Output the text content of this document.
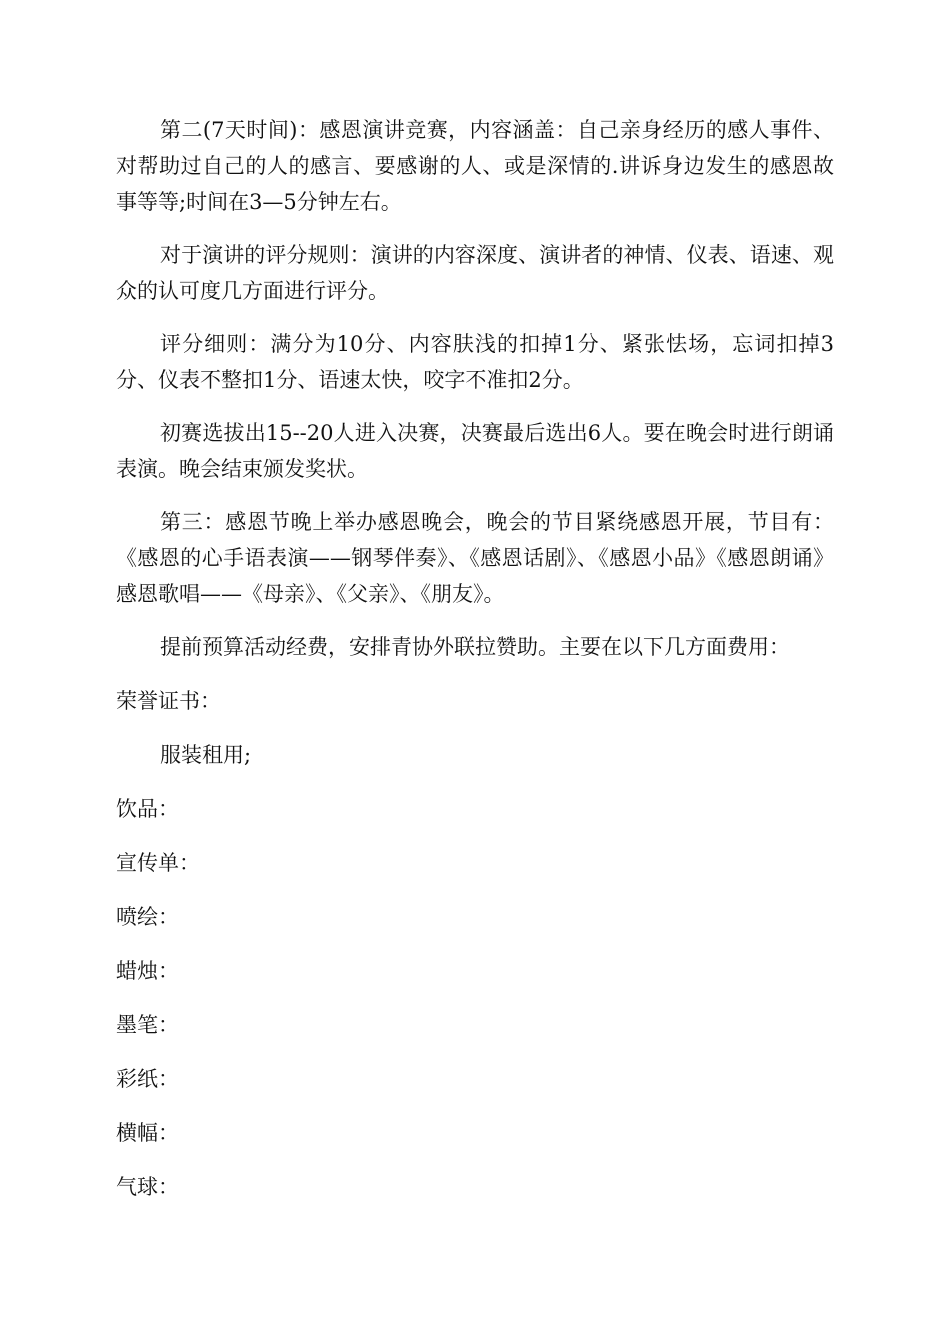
第二(7天时间)：感恩演讲竞赛，内容涵盖：自己亲身经历的感人事件、对帮助过自己的人的感言、要感谢的人、或是深情的.讲诉身边发生的感恩故事等等;时间在3—5分钟左右。

对于演讲的评分规则：演讲的内容深度、演讲者的神情、仪表、语速、观众的认可度几方面进行评分。

评分细则：满分为10分、内容肤浅的扣掉1分、紧张怯场，忘词扣掉3分、仪表不整扣1分、语速太快，咬字不准扣2分。

初赛选拔出15--20人进入决赛，决赛最后选出6人。要在晚会时进行朗诵表演。晚会结束颁发奖状。

第三：感恩节晚上举办感恩晚会，晚会的节目紧绕感恩开展，节目有：《感恩的心手语表演——钢琴伴奏》、《感恩话剧》、《感恩小品》《感恩朗诵》感恩歌唱——《母亲》、《父亲》、《朋友》。

提前预算活动经费，安排青协外联拉赞助。主要在以下几方面费用：

荣誉证书：

服装租用;

饮品：

宣传单：

喷绘：

蜡烛：

墨笔：

彩纸：

横幅：

气球：
